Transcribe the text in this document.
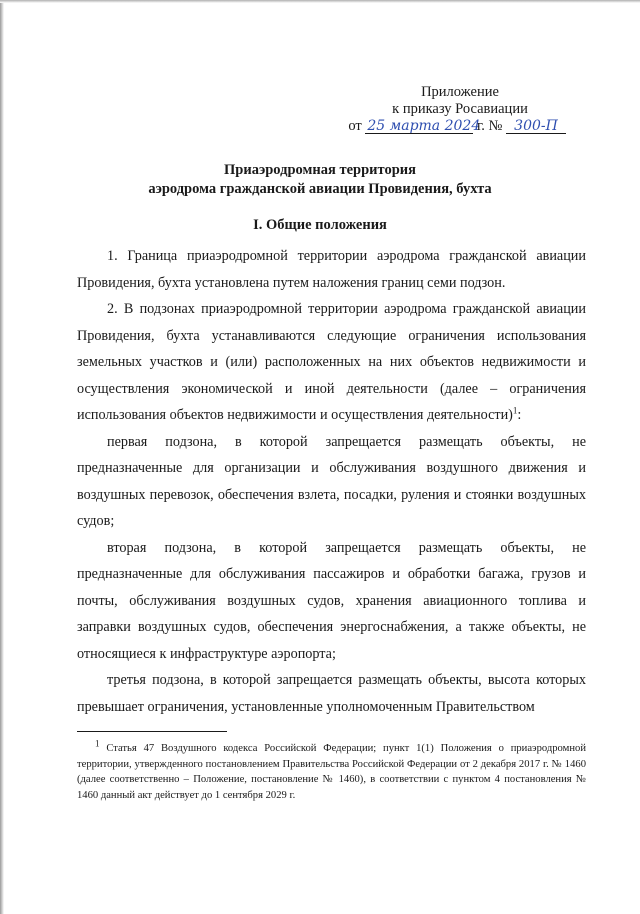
Приложение
к приказу Росавиации
от 25 марта 2024 г. № 300-П
Приаэродромная территория
аэродрома гражданской авиации Провидения, бухта
I. Общие положения

1. Граница приаэродромной территории аэродрома гражданской авиации Провидения, бухта установлена путем наложения границ семи подзон.

2. В подзонах приаэродромной территории аэродрома гражданской авиации Провидения, бухта устанавливаются следующие ограничения использования земельных участков и (или) расположенных на них объектов недвижимости и осуществления экономической и иной деятельности (далее – ограничения использования объектов недвижимости и осуществления деятельности)$^1$:

первая подзона, в которой запрещается размещать объекты, не предназначенные для организации и обслуживания воздушного движения и воздушных перевозок, обеспечения взлета, посадки, руления и стоянки воздушных судов;

вторая подзона, в которой запрещается размещать объекты, не предназначенные для обслуживания пассажиров и обработки багажа, грузов и почты, обслуживания воздушных судов, хранения авиационного топлива и заправки воздушных судов, обеспечения энергоснабжения, а также объекты, не относящиеся к инфраструктуре аэропорта;

третья подзона, в которой запрещается размещать объекты, высота которых превышает ограничения, установленные уполномоченным Правительством

$^1$ Статья 47 Воздушного кодекса Российской Федерации; пункт 1(1) Положения о приаэродромной территории, утвержденного постановлением Правительства Российской Федерации от 2 декабря 2017 г. № 1460 (далее соответственно – Положение, постановление № 1460), в соответствии с пунктом 4 постановления № 1460 данный акт действует до 1 сентября 2029 г.
